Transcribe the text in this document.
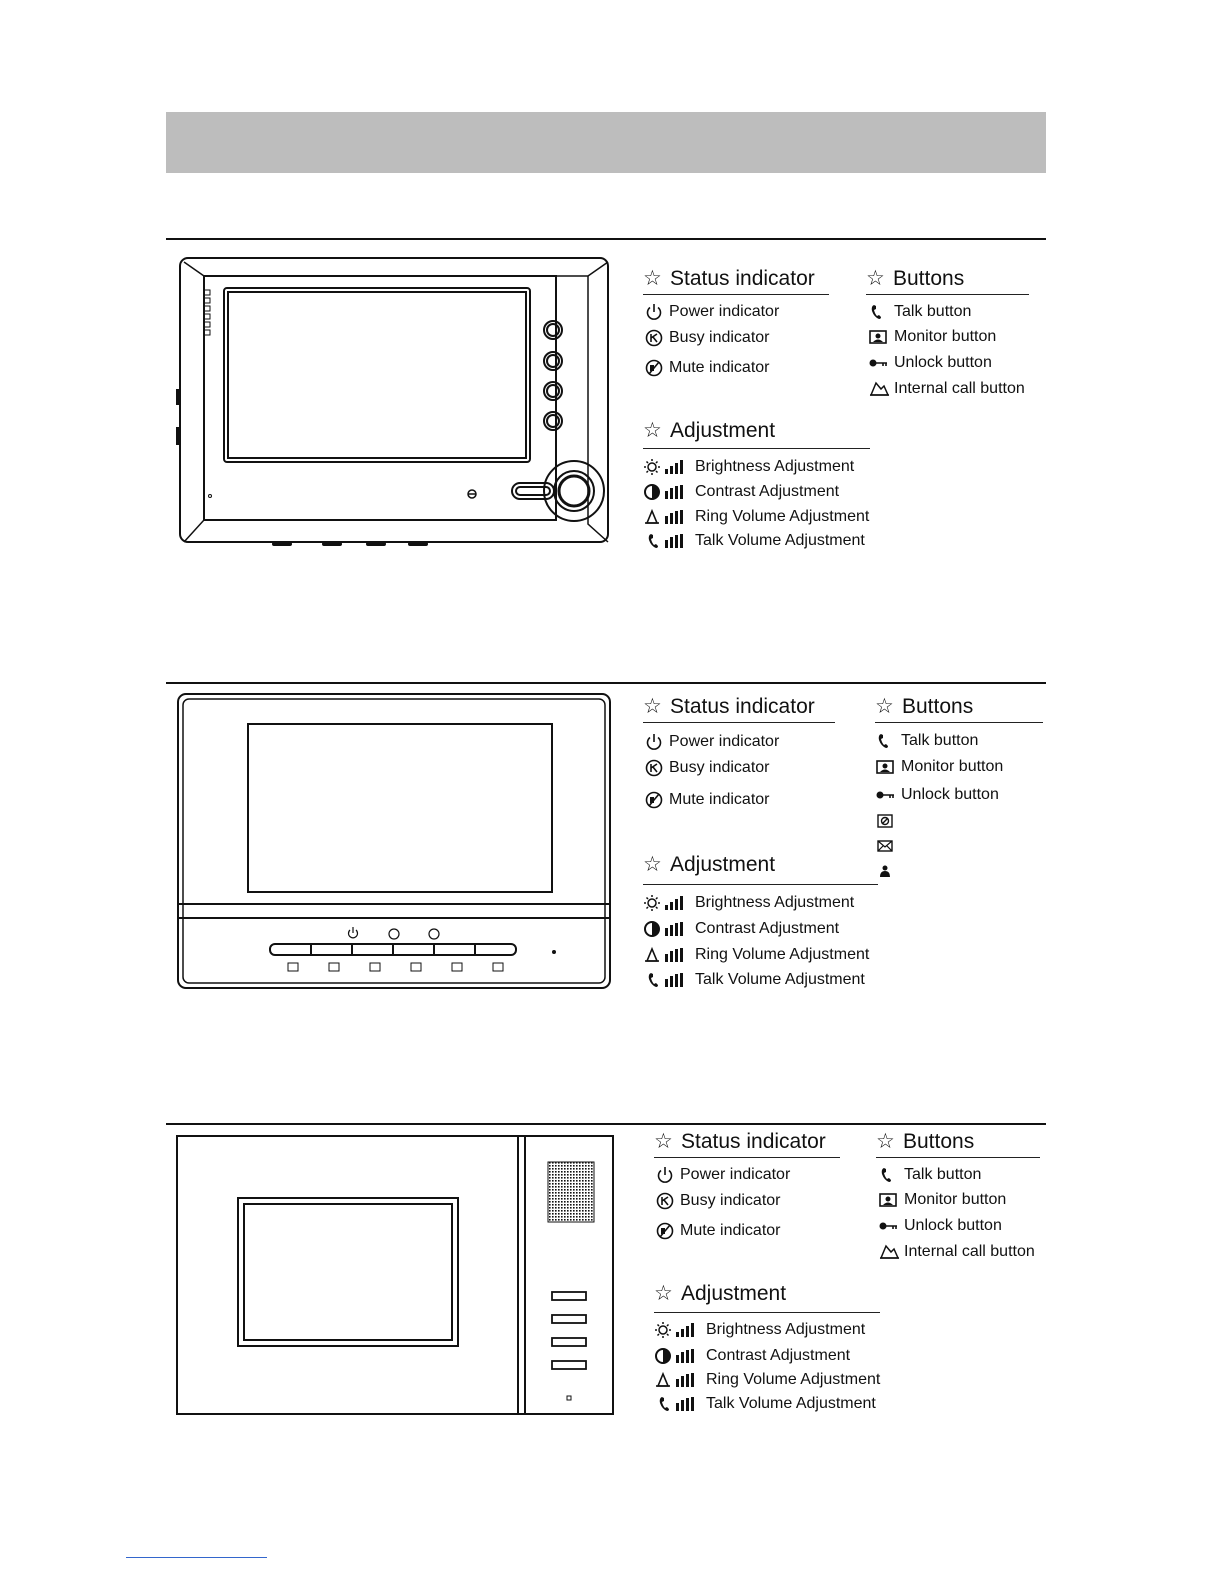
☆ Status indicator ☆ Buttons
☆ Adjustment
Power indicator
Busy indicator
Mute indicator
Talk button
Monitor button
Unlock button
Internal call button
Brightness Adjustment
Contrast Adjustment
Ring Volume Adjustment
Talk Volume Adjustment
☆ Status indicator	☆ Buttons
☆ Adjustment
Power indicator
Busy indicator
Mute indicator
Talk button
Monitor button
Unlock button
Brightness Adjustment
Contrast Adjustment
Ring Volume Adjustment
Talk Volume Adjustment
☆ Status indicator ☆ Buttons
☆ Adjustment
Power indicator
Busy indicator
Mute indicator
Talk button
Monitor button
Unlock button
Internal call button
Brightness Adjustment
Contrast Adjustment
Ring Volume Adjustment
Talk Volume Adjustment
